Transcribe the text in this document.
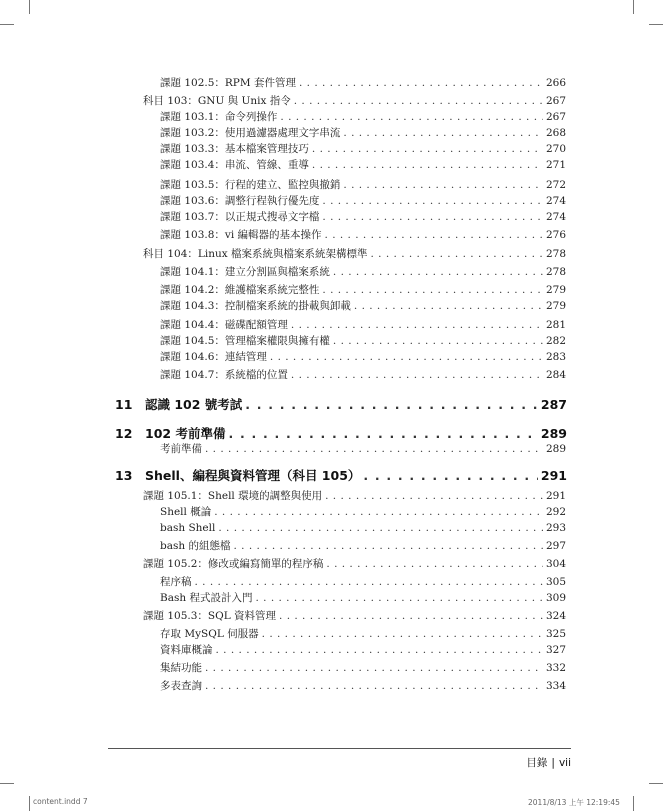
課題 102.5：RPM 套件管理 . . .	266
科目 103：GNU 與 Unix 指令 . . .	267
課題 103.1：命令列操作 . . .	267
課題 103.2：使用過濾器處理文字串流 . . .	268
課題 103.3：基本檔案管理技巧 . . .	270
課題 103.4：串流、管線、重導 . . .	271
課題 103.5：行程的建立、監控與撤銷 . . .	272
課題 103.6：調整行程執行優先度 . . .	274
課題 103.7：以正規式搜尋文字檔 . . .	274
課題 103.8：vi 編輯器的基本操作 . . .	276
科目 104：Linux 檔案系統與檔案系統架構標準 . . .	278
課題 104.1：建立分割區與檔案系統 . . .	278
課題 104.2：維護檔案系統完整性 . . .	279
課題 104.3：控制檔案系統的掛載與卸載 . . .	279
課題 104.4：磁碟配額管理 . . .	281
課題 104.5：管理檔案權限與擁有權 . . .	282
課題 104.6：連結管理 . . .	283
課題 104.7：系統檔的位置 . . .	284
11 認識 102 號考試 . . .	287
12 102 考前準備 . . .	289
考前準備 . . .	289
13 Shell、編程與資料管理（科目 105） . . .	291
課題 105.1：Shell 環境的調整與使用 . . .	291
Shell 概論 . . .	292
bash Shell . . .	293
bash 的組態檔 . . .	297
課題 105.2：修改或編寫簡單的程序稿 . . .	304
程序稿 . . .	305
Bash 程式設計入門 . . .	309
課題 105.3：SQL 資料管理 . . .	324
存取 MySQL 伺服器 . . .	325
資料庫概論 . . .	327
集結功能 . . .	332
多表查詢 . . .	334
目錄 | vii
content.indd 7	2011/8/13 上午 12:19:45
